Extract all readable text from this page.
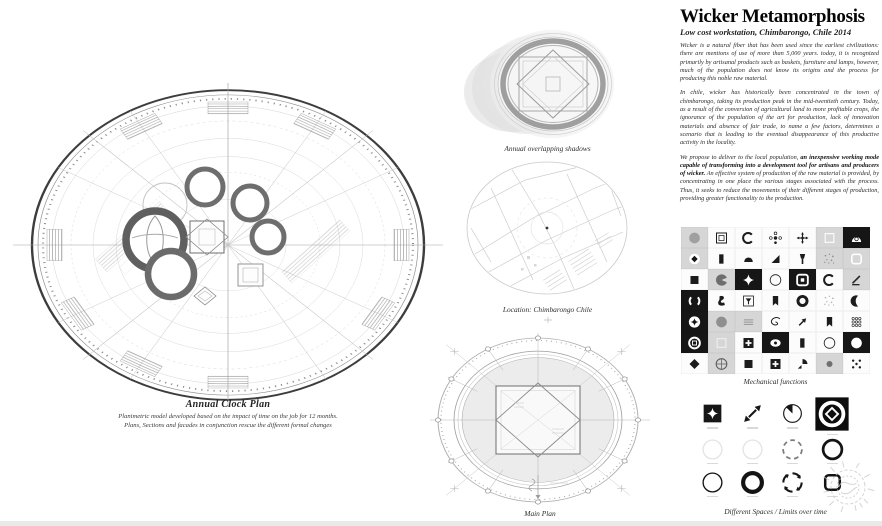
Annual Clock Plan
Planimetric model developed based on the impact of time on the job for 12 months.
Plans, Sections and facades in conjunction rescue the different formal changes
Annual overlapping shadows
Location: Chimbarongo Chile
Main Plan
Wicker Metamorphosis
Low cost workstation, Chimbarongo, Chile 2014

Wicker is a natural fiber that has been used since the earliest civilizations: there are mentions of use of more than 5,000 years. today, it is recognized primarily by artisanal products such as baskets, furniture and lamps, however, much of the population does not know its origins and the process for producing this noble raw material.

In chile, wicker has historically been concentrated in the town of chimbarongo, taking its production peak in the mid-twentieth century. Today, as a result of the conversion of agricultural land to more profitable crops, the ignorance of the population of the art for production, lack of innovation materials and absence of fair trade, to name a few factors, determines a scenario that is leading to the eventual disappearance of this productive activity in the locality.

We propose to deliver to the local population, an inexpensive working mode capable of transforming into a development tool for artisans and producers of wicker. An effective system of production of the raw material is provided, by concentrating in one place the various stages associated with the process. Thus, it seeks to reduce the movements of their different stages of production, providing greater functionality to the production.

Mechanical functions
Different Spaces / Limits over time
